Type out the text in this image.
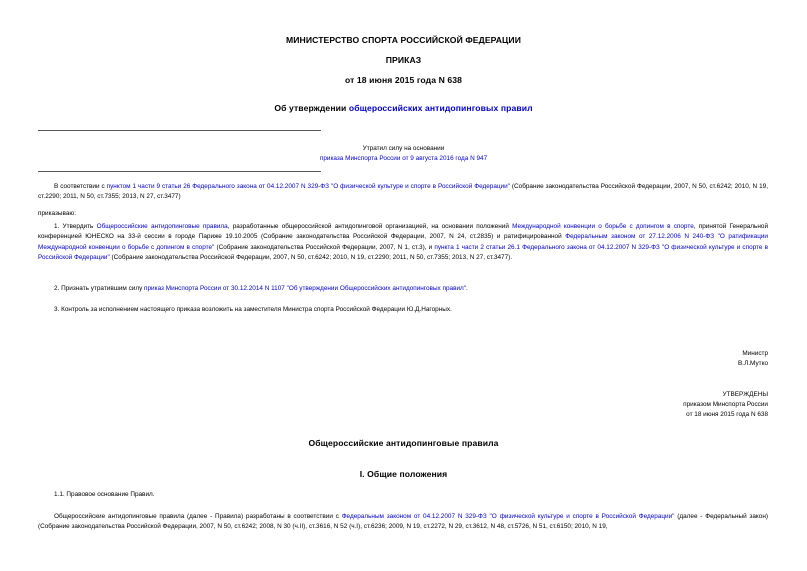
МИНИСТЕРСТВО СПОРТА РОССИЙСКОЙ ФЕДЕРАЦИИ
ПРИКАЗ
от 18 июня 2015 года N 638
Об утверждении общероссийских антидопинговых правил
Утратил силу на основании
приказа Минспорта России от 9 августа 2016 года N 947
В соответствии с пунктом 1 части 9 статьи 26 Федерального закона от 04.12.2007 N 329-ФЗ "О физической культуре и спорте в Российской Федерации" (Собрание законодательства Российской Федерации, 2007, N 50, ст.6242; 2010, N 19, ст.2290; 2011, N 50, ст.7355; 2013, N 27, ст.3477)
приказываю:
1. Утвердить Общероссийские антидопинговые правила, разработанные общероссийской антидопинговой организацией, на основании положений Международной конвенции о борьбе с допингом в спорте, принятой Генеральной конференцией ЮНЕСКО на 33-й сессии в городе Париже 19.10.2005 (Собрание законодательства Российской Федерации, 2007, N 24, ст.2835) и ратифицированной Федеральным законом от 27.12.2006 N 240-ФЗ "О ратификации Международной конвенции о борьбе с допингом в спорте" (Собрание законодательства Российской Федерации, 2007, N 1, ст.3), и пункта 1 части 2 статьи 26.1 Федерального закона от 04.12.2007 N 329-ФЗ "О физической культуре и спорте в Российской Федерации" (Собрание законодательства Российской Федерации, 2007, N 50, ст.6242; 2010, N 19, ст.2290; 2011, N 50, ст.7355; 2013, N 27, ст.3477).
2. Признать утратившим силу приказ Минспорта России от 30.12.2014 N 1107 "Об утверждении Общероссийских антидопинговых правил".
3. Контроль за исполнением настоящего приказа возложить на заместителя Министра спорта Российской Федерации Ю.Д.Нагорных.
Министр
В.Л.Мутко
УТВЕРЖДЕНЫ
приказом Минспорта России
от 18 июня 2015 года N 638
Общероссийские антидопинговые правила
I. Общие положения
1.1. Правовое основание Правил.
Общероссийские антидопинговые правила (далее - Правила) разработаны в соответствии с Федеральным законом от 04.12.2007 N 329-ФЗ "О физической культуре и спорте в Российской Федерации" (далее - Федеральный закон) (Собрание законодательства Российской Федерации, 2007, N 50, ст.6242; 2008, N 30 (ч.II), ст.3616, N 52 (ч.I), ст.6236; 2009, N 19, ст.2272, N 29, ст.3612, N 48, ст.5726, N 51, ст.6150; 2010, N 19,
